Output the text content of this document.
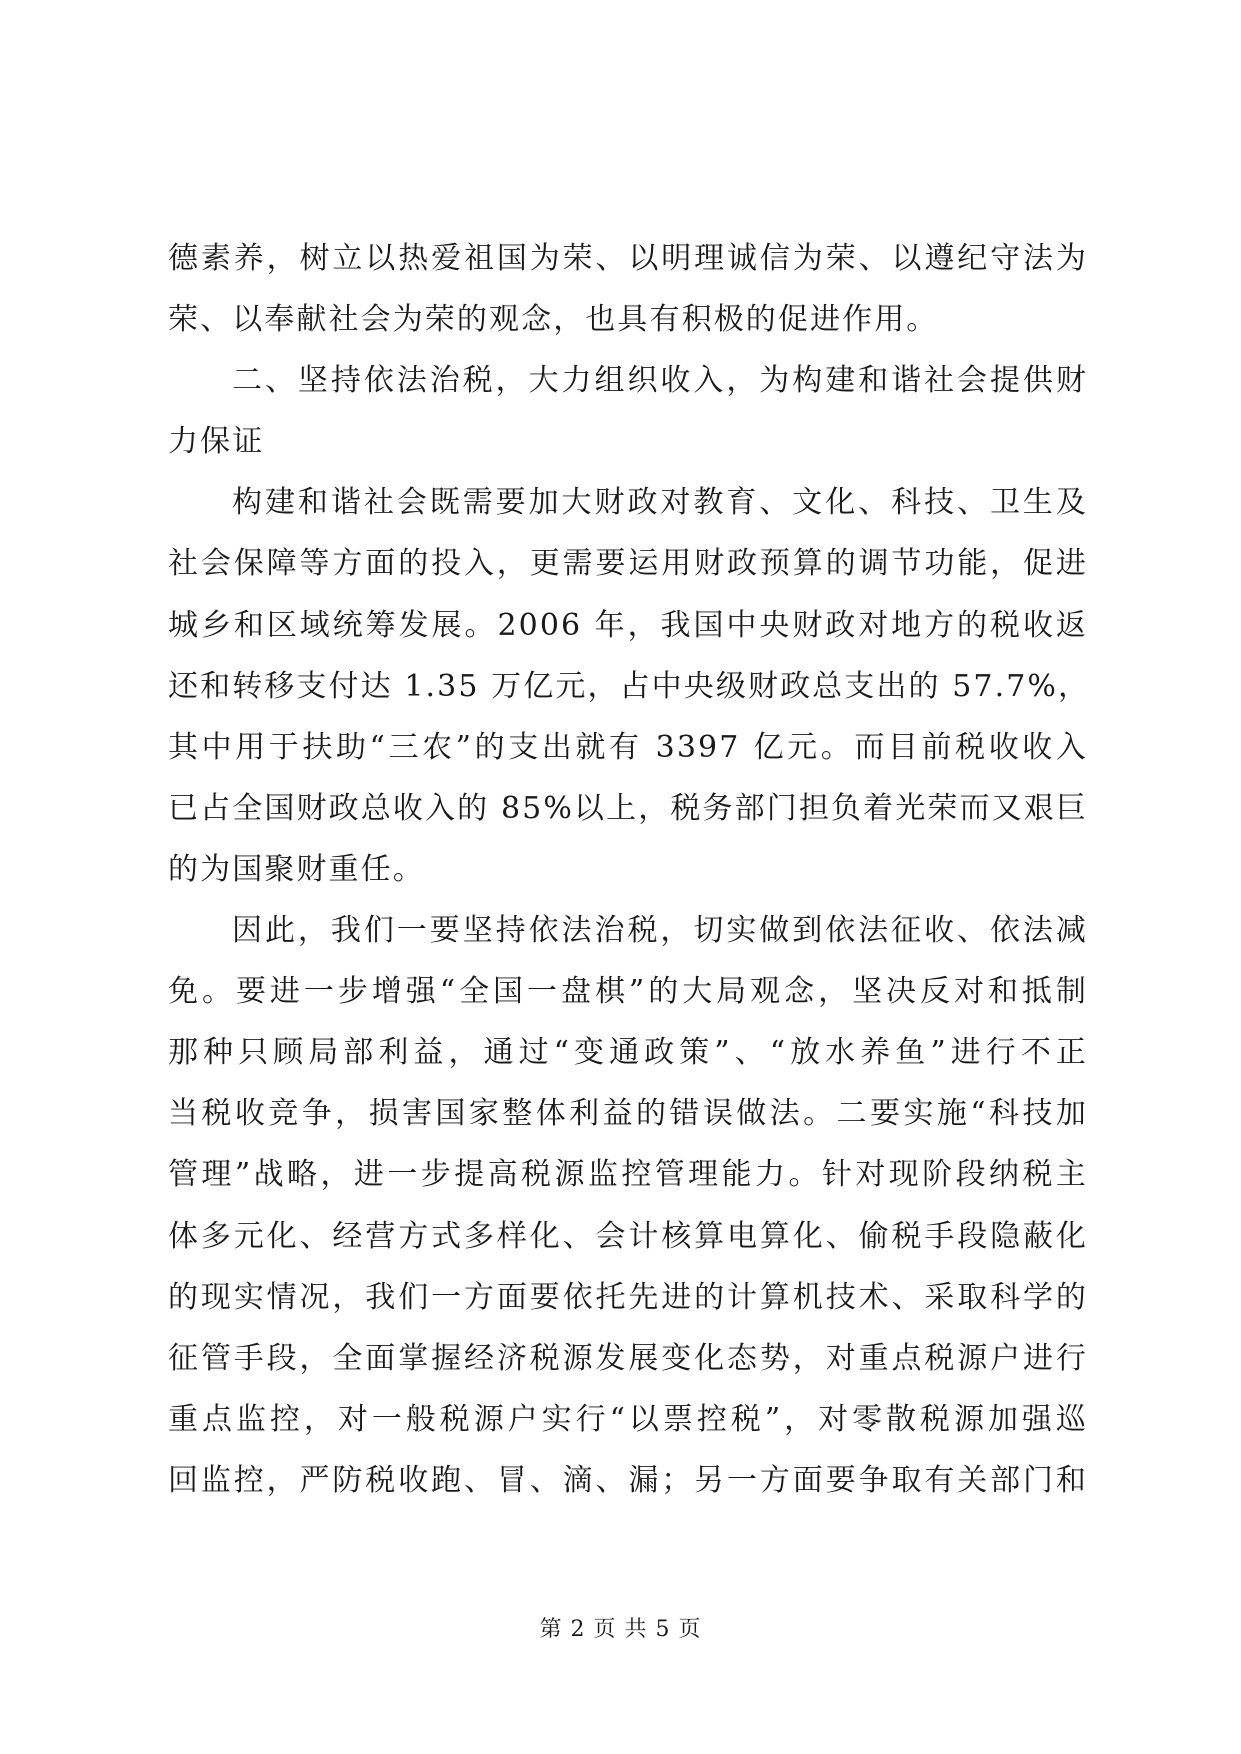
德素养，树立以热爱祖国为荣、以明理诚信为荣、以遵纪守法为
荣、以奉献社会为荣的观念，也具有积极的促进作用。
二、坚持依法治税，大力组织收入，为构建和谐社会提供财
力保证
构建和谐社会既需要加大财政对教育、文化、科技、卫生及
社会保障等方面的投入，更需要运用财政预算的调节功能，促进
城乡和区域统筹发展。2006 年，我国中央财政对地方的税收返
还和转移支付达 1.35 万亿元，占中央级财政总支出的 57.7%，
其中用于扶助“三农”的支出就有 3397 亿元。而目前税收收入
已占全国财政总收入的 85%以上，税务部门担负着光荣而又艰巨
的为国聚财重任。
因此，我们一要坚持依法治税，切实做到依法征收、依法减
免。要进一步增强“全国一盘棋”的大局观念，坚决反对和抵制
那种只顾局部利益，通过“变通政策”、“放水养鱼”进行不正
当税收竞争，损害国家整体利益的错误做法。二要实施“科技加
管理”战略，进一步提高税源监控管理能力。针对现阶段纳税主
体多元化、经营方式多样化、会计核算电算化、偷税手段隐蔽化
的现实情况，我们一方面要依托先进的计算机技术、采取科学的
征管手段，全面掌握经济税源发展变化态势，对重点税源户进行
重点监控，对一般税源户实行“以票控税”，对零散税源加强巡
回监控，严防税收跑、冒、滴、漏；另一方面要争取有关部门和
第 2 页 共 5 页
